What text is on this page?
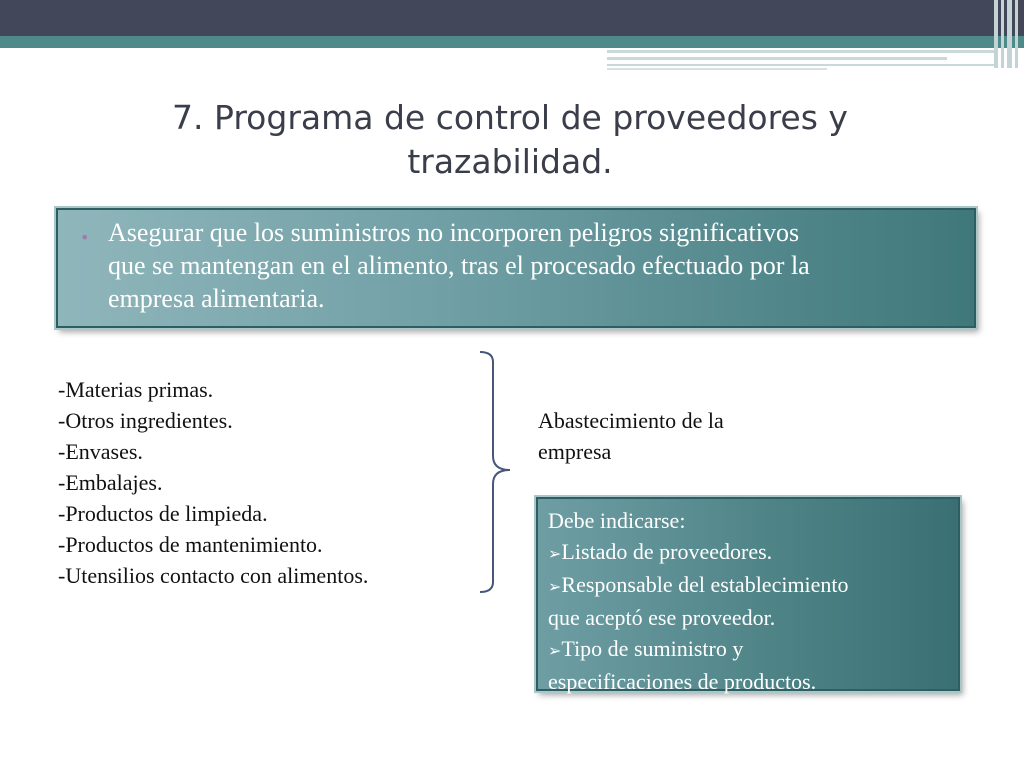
7. Programa de control de proveedores y
trazabilidad.
• Asegurar que los suministros no incorporen peligros significativos
que se mantengan en el alimento, tras el procesado efectuado por la
empresa alimentaria.
-Materias primas.
-Otros ingredientes.
-Envases.
-Embalajes.
-Productos de limpieda.
-Productos de mantenimiento.
-Utensilios contacto con alimentos.
Abastecimiento de la
empresa
Debe indicarse:
➢Listado de proveedores.
➢Responsable del establecimiento
que aceptó ese proveedor.
➢Tipo de suministro y
especificaciones de productos.
